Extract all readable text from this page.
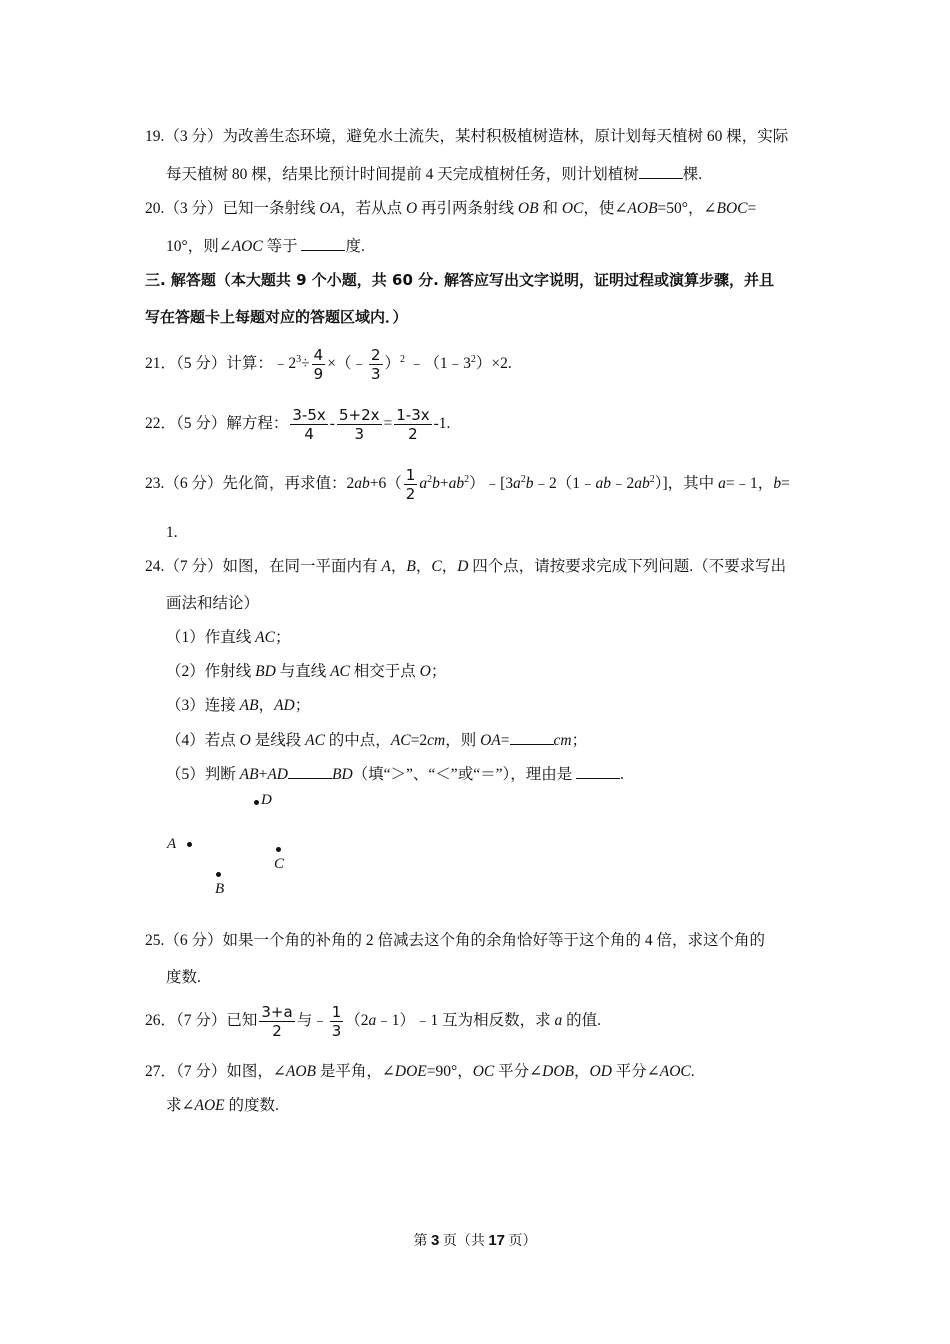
19.（3 分）为改善生态环境，避免水土流失，某村积极植树造林，原计划每天植树 60 棵，实际
每天植树 80 棵，结果比预计时间提前 4 天完成植树任务，则计划植树	棵.
20.（3 分）已知一条射线 OA，若从点 O 再引两条射线 OB 和 OC，使∠AOB=50°，∠BOC=
10°，则∠AOC 等于	度.
三. 解答题（本大题共 9 个小题，共 60 分. 解答应写出文字说明，证明过程或演算步骤，并且
写在答题卡上每题对应的答题区域内．）
21．（5 分）计算：$﹣2^3\div \frac{4}{9}$ ×（﹣ $\frac{2}{3} )^2$ $﹣(1﹣3^2)\times 2$.
22．（5 分）解方程： $\frac{3-5x}{4} - \frac{5+2x}{3} = \frac{1-3x}{2} -1$.
23.（6 分）先化简，再求值：$2ab+6( \frac{1}{2}$ $a^2b+ab^2)﹣[3a^2b﹣2(1﹣ab﹣2ab^2)]$，其中 a=﹣1，b=
1.
24.（7 分）如图，在同一平面内有 A，B，C，D 四个点，请按要求完成下列问题.（不要求写出
画法和结论）
（1）作直线 AC；
（2）作射线 BD 与直线 AC 相交于点 O；
（3）连接 AB，AD；
（4）若点 O 是线段 AC 的中点，AC=2cm，则 OA=	cm；
（5）判断 AB+AD	BD（填“＞”、“＜”或“＝”），理由是	.
D
A
C
B
25.（6 分）如果一个角的补角的 2 倍减去这个角的余角恰好等于这个角的 4 倍，求这个角的
度数.
26．（7 分）已知 $\frac{3+a}{2}$ 与﹣ $\frac{1}{3}$ （2a﹣1）﹣1 互为相反数，求 a 的值.
27．（7 分）如图，∠AOB 是平角，∠DOE=90°，OC 平分∠DOB，OD 平分∠AOC.
求∠AOE 的度数.
第 3 页（共 17 页）
